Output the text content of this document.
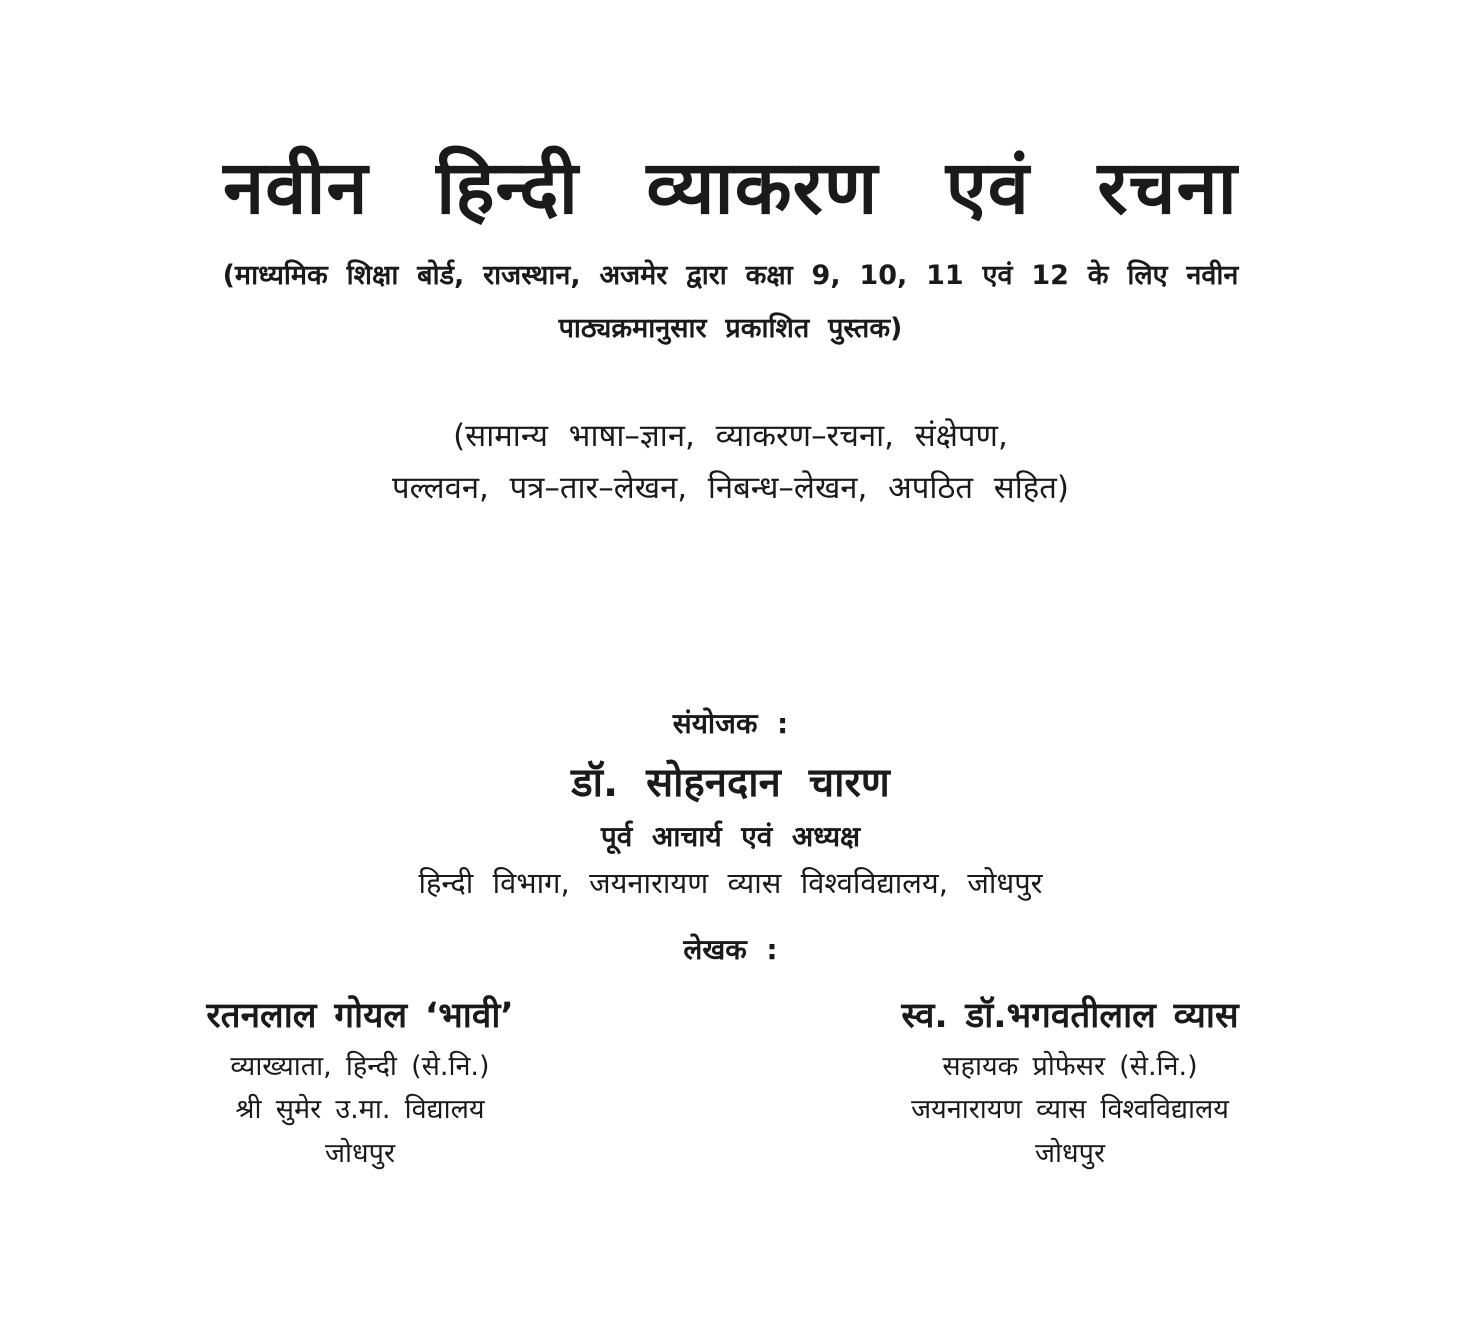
नवीन हिन्दी व्याकरण एवं रचना
(माध्यमिक शिक्षा बोर्ड, राजस्थान, अजमेर द्वारा कक्षा 9, 10, 11 एवं 12 के लिए नवीन
पाठ्यक्रमानुसार प्रकाशित पुस्तक)
(सामान्य भाषा–ज्ञान, व्याकरण–रचना, संक्षेपण,
पल्लवन, पत्र–तार–लेखन, निबन्ध–लेखन, अपठित सहित)
संयोजक :
डॉ. सोहनदान चारण
पूर्व आचार्य एवं अध्यक्ष
हिन्दी विभाग, जयनारायण व्यास विश्वविद्यालय, जोधपुर
लेखक :
रतनलाल गोयल ‘भावी’
व्याख्याता, हिन्दी (से.नि.)
श्री सुमेर उ.मा. विद्यालय
जोधपुर
स्व. डॉ.भगवतीलाल व्यास
सहायक प्रोफेसर (से.नि.)
जयनारायण व्यास विश्वविद्यालय
जोधपुर
